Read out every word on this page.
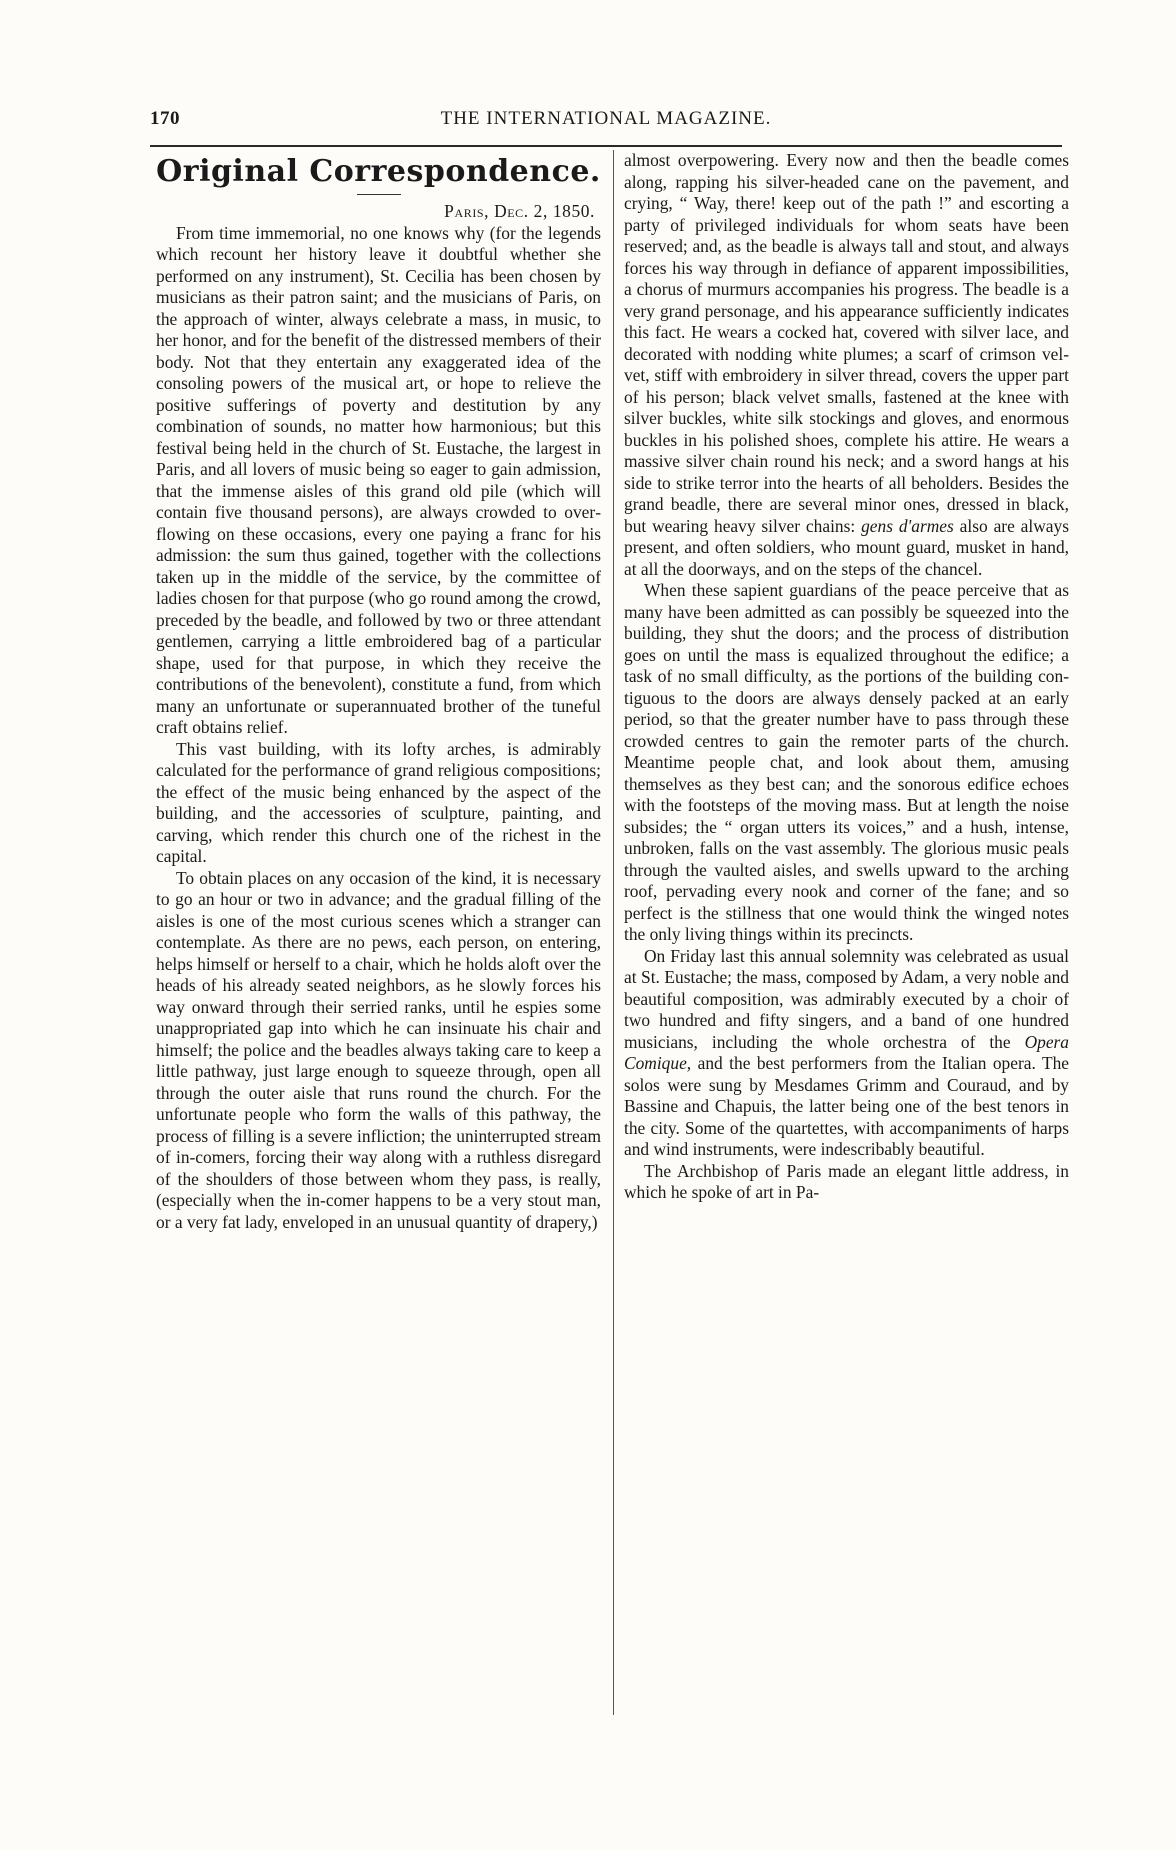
170	THE INTERNATIONAL MAGAZINE.
Original Correspondence.
Paris, Dec. 2, 1850.

From time immemorial, no one knows why (for the legends which recount her history leave it doubtful whether she performed on any instrument), St. Cecilia has been chosen by musicians as their patron saint; and the musicians of Paris, on the approach of winter, always celebrate a mass, in music, to her honor, and for the benefit of the distressed members of their body. Not that they entertain any exaggerated idea of the consoling powers of the musical art, or hope to relieve the positive sufferings of poverty and destitution by any combination of sounds, no matter how harmonious; but this festival being held in the church of St. Eustache, the largest in Paris, and all lovers of music being so eager to gain admission, that the immense aisles of this grand old pile (which will contain five thousand persons), are always crowded to overflowing on these occasions, every one paying a franc for his admission: the sum thus gained, together with the collections taken up in the middle of the service, by the committee of ladies chosen for that purpose (who go round among the crowd, preceded by the beadle, and followed by two or three attendant gentlemen, carrying a little embroidered bag of a particular shape, used for that purpose, in which they receive the contributions of the benevolent), constitute a fund, from which many an unfortunate or superannuated brother of the tuneful craft obtains relief.

This vast building, with its lofty arches, is admirably calculated for the performance of grand religious compositions; the effect of the music being enhanced by the aspect of the building, and the accessories of sculpture, painting, and carving, which render this church one of the richest in the capital.

To obtain places on any occasion of the kind, it is necessary to go an hour or two in advance; and the gradual filling of the aisles is one of the most curious scenes which a stranger can contemplate. As there are no pews, each person, on entering, helps himself or herself to a chair, which he holds aloft over the heads of his already seated neighbors, as he slowly forces his way onward through their serried ranks, until he espies some unappropriated gap into which he can insinuate his chair and himself; the police and the beadles always taking care to keep a little pathway, just large enough to squeeze through, open all through the outer aisle that runs round the church. For the unfortunate people who form the walls of this pathway, the process of filling is a severe infliction; the uninterrupted stream of in-comers, forcing their way along with a ruthless disregard of the shoulders of those between whom they pass, is really, (especially when the in-comer happens to be a very stout man, or a very fat lady, enveloped in an unusual quantity of drapery,)

almost overpowering. Every now and then the beadle comes along, rapping his silver-headed cane on the pavement, and crying, “ Way, there! keep out of the path !” and escorting a party of privileged individuals for whom seats have been reserved; and, as the beadle is always tall and stout, and always forces his way through in defiance of apparent impossibilities, a chorus of murmurs accompanies his progress. The beadle is a very grand personage, and his appearance sufficiently indicates this fact. He wears a cocked hat, covered with silver lace, and decorated with nodding white plumes; a scarf of crimson velvet, stiff with embroidery in silver thread, covers the upper part of his person; black velvet smalls, fastened at the knee with silver buckles, white silk stockings and gloves, and enormous buckles in his polished shoes, complete his attire. He wears a massive silver chain round his neck; and a sword hangs at his side to strike terror into the hearts of all beholders. Besides the grand beadle, there are several minor ones, dressed in black, but wearing heavy silver chains: gens d'armes also are always present, and often soldiers, who mount guard, musket in hand, at all the doorways, and on the steps of the chancel.

When these sapient guardians of the peace perceive that as many have been admitted as can possibly be squeezed into the building, they shut the doors; and the process of distribution goes on until the mass is equalized throughout the edifice; a task of no small difficulty, as the portions of the building contiguous to the doors are always densely packed at an early period, so that the greater number have to pass through these crowded centres to gain the remoter parts of the church. Meantime people chat, and look about them, amusing themselves as they best can; and the sonorous edifice echoes with the footsteps of the moving mass. But at length the noise subsides; the “ organ utters its voices,” and a hush, intense, unbroken, falls on the vast assembly. The glorious music peals through the vaulted aisles, and swells upward to the arching roof, pervading every nook and corner of the fane; and so perfect is the stillness that one would think the winged notes the only living things within its precincts.

On Friday last this annual solemnity was celebrated as usual at St. Eustache; the mass, composed by Adam, a very noble and beautiful composition, was admirably executed by a choir of two hundred and fifty singers, and a band of one hundred musicians, including the whole orchestra of the Opera Comique, and the best performers from the Italian opera. The solos were sung by Mesdames Grimm and Couraud, and by Bassine and Chapuis, the latter being one of the best tenors in the city. Some of the quartettes, with accompaniments of harps and wind instruments, were indescribably beautiful.

The Archbishop of Paris made an elegant little address, in which he spoke of art in Pa-
